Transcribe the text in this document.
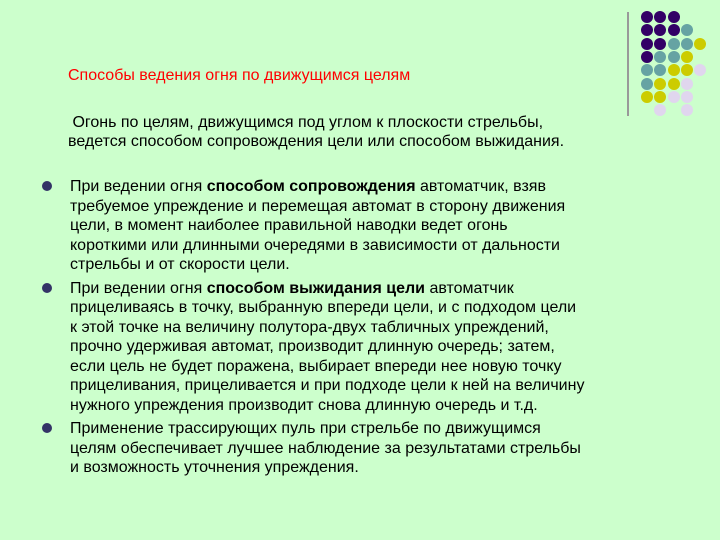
Способы ведения огня по движущимся целям
Огонь по целям, движущимся под углом к плоскости стрельбы,
ведется способом сопровождения цели или способом выжидания.
При ведении огня способом сопровождения автоматчик, взяв
требуемое упреждение и перемещая автомат в сторону движения
цели, в момент наиболее правильной наводки ведет огонь
короткими или длинными очередями в зависимости от дальности
стрельбы и от скорости цели.
При ведении огня способом выжидания цели автоматчик
прицеливаясь в точку, выбранную впереди цели, и с подходом цели
к этой точке на величину полутора-двух табличных упреждений,
прочно удерживая автомат, производит длинную очередь; затем,
если цель не будет поражена, выбирает впереди нее новую точку
прицеливания, прицеливается и при подходе цели к ней на величину
нужного упреждения производит снова длинную очередь и т.д.
Применение трассирующих пуль при стрельбе по движущимся
целям обеспечивает лучшее наблюдение за результатами стрельбы
и возможность уточнения упреждения.
